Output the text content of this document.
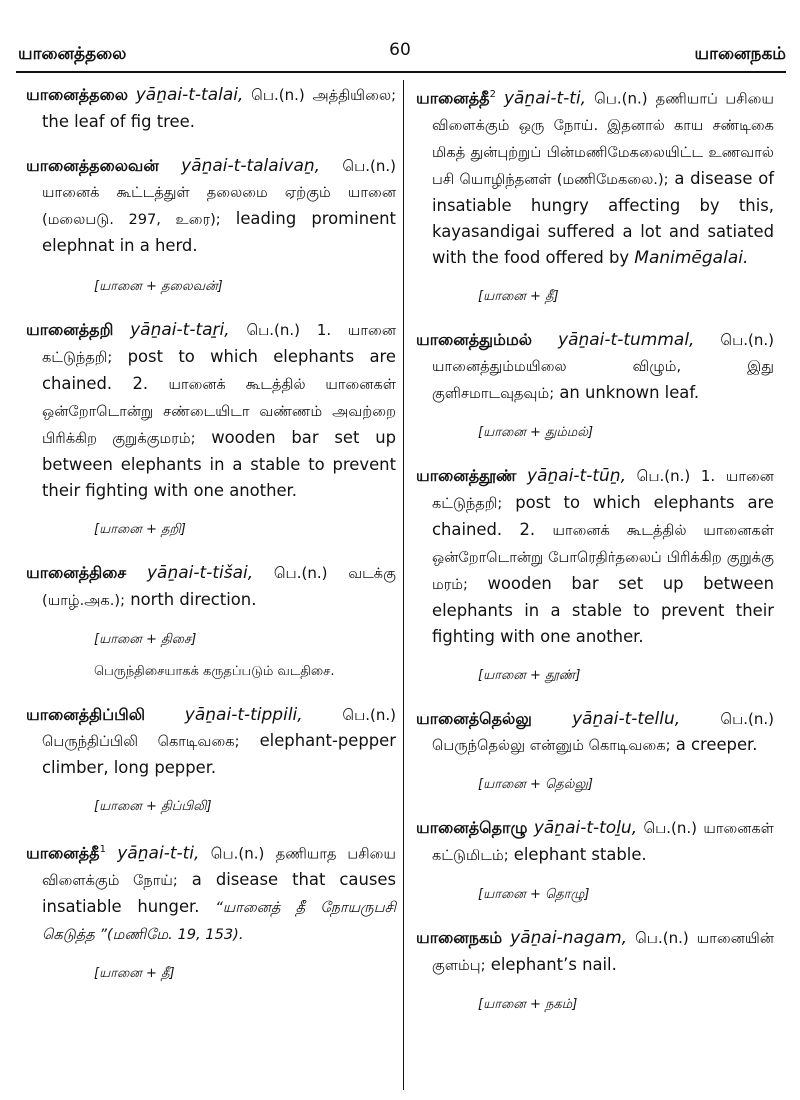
யானைத்தலை	60	யானைநகம்

யானைத்தலை yāṉai-t-talai, பெ.(n.) அத்தியிலை; the leaf of fig tree.

யானைத்தலைவன் yāṉai-t-talaivaṉ, பெ.(n.) யானைக் கூட்டத்துள் தலைமை ஏற்கும் யானை (மலைபடு. 297, உரை); leading prominent elephnat in a herd.

[யானை + தலைவன்]

யானைத்தறி yāṉai-t-taṟi, பெ.(n.) 1. யானை கட்டுந்தறி; post to which elephants are chained. 2. யானைக் கூடத்தில் யானைகள் ஒன்றோடொன்று சண்டையிடா வண்ணம் அவற்றை பிரிக்கிற குறுக்குமரம்; wooden bar set up between elephants in a stable to prevent their fighting with one another.

[யானை + தறி]

யானைத்திசை yāṉai-t-tišai, பெ.(n.) வடக்கு (யாழ்.அக.); north direction.

[யானை + திசை]
பெருந்திசையாகக் கருதப்படும் வடதிசை.

யானைத்திப்பிலி yāṉai-t-tippili,	பெ.(n.) பெருந்திப்பிலி கொடிவகை; elephant-pepper climber, long pepper.

[யானை + திப்பிலி]

யானைத்தீ$^1$ yāṉai-t-ti, பெ.(n.) தணியாத பசியை விளைக்கும் நோய்; a disease that causes insatiable hunger. “யானைத் தீ நோயருபசி கெடுத்த ”(மணிமே. 19, 153).

[யானை + தீ]

யானைத்தீ$^2$ yāṉai-t-ti, பெ.(n.) தணியாப் பசியை விளைக்கும் ஒரு நோய். இதனால் காய சண்டிகை மிகத் துன்புற்றுப் பின்மணிமேகலையிட்ட உணவால் பசி யொழிந்தனள் (மணிமேகலை.); a disease of insatiable hungry affecting by this, kayasandigai suffered a lot and satiated with the food offered by Manimēgalai.

[யானை + தீ]

யானைத்தும்மல் yāṉai-t-tummal, பெ.(n.) யானைத்தும்மயிலை விழும், இது குளிசமாடவுதவும்; an unknown leaf.

[யானை + தும்மல்]

யானைத்தூண் yāṉai-t-tūṉ, பெ.(n.) 1. யானை கட்டுந்தறி; post to which elephants are chained. 2. யானைக் கூடத்தில் யானைகள் ஒன்றோடொன்று போரெதிர்தலைப் பிரிக்கிற குறுக்கு மரம்; wooden bar set up between elephants in a stable to prevent their fighting with one another.

[யானை + தூண்]

யானைத்தெல்லு yāṉai-t-tellu,	பெ.(n.) பெருந்தெல்லு என்னும் கொடிவகை; a creeper.

[யானை + தெல்லு]

யானைத்தொழு yāṉai-t-toḻu, பெ.(n.) யானைகள் கட்டுமிடம்; elephant stable.

[யானை + தொழு]

யானைநகம் yāṉai-nagam, பெ.(n.) யானையின் குளம்பு; elephant’s nail.

[யானை + நகம்]
